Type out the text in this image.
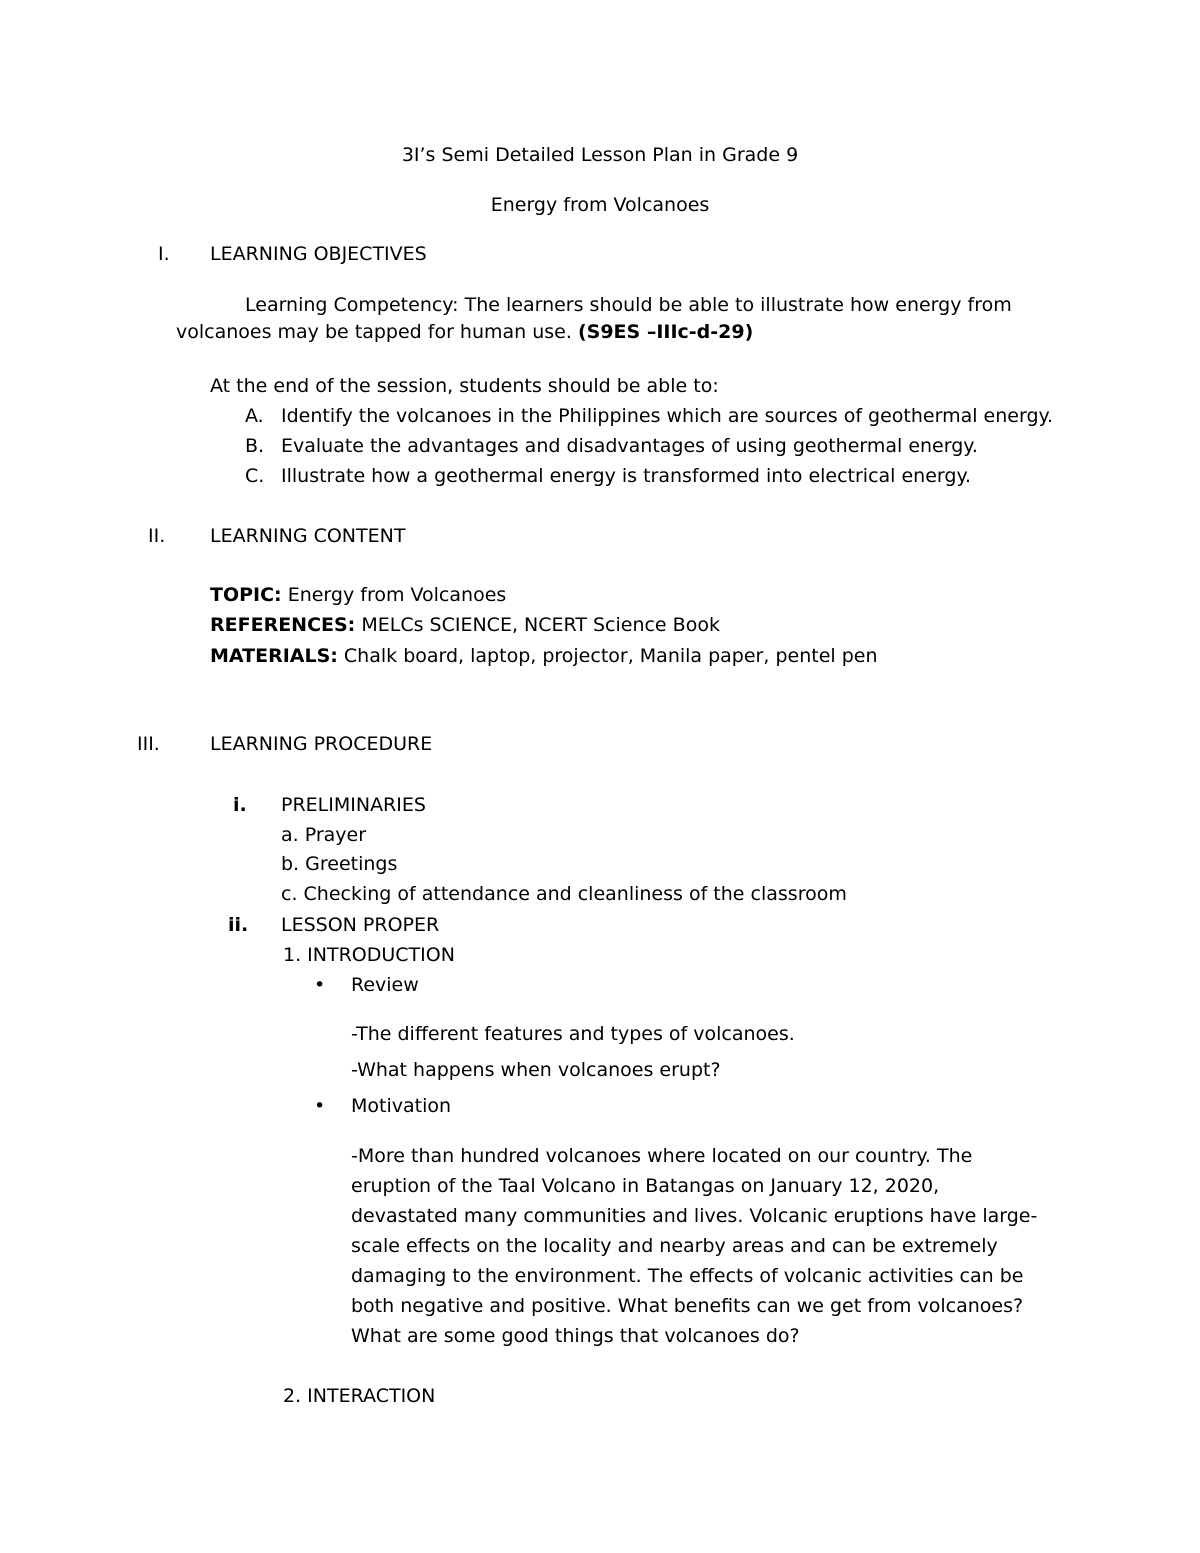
3I’s Semi Detailed Lesson Plan in Grade 9
Energy from Volcanoes
I. LEARNING OBJECTIVES
Learning Competency: The learners should be able to illustrate how energy from
volcanoes may be tapped for human use. (S9ES –IIIc-d-29)
At the end of the session, students should be able to:
A. Identify the volcanoes in the Philippines which are sources of geothermal energy.
B. Evaluate the advantages and disadvantages of using geothermal energy.
C. Illustrate how a geothermal energy is transformed into electrical energy.
II. LEARNING CONTENT
TOPIC: Energy from Volcanoes
REFERENCES: MELCs SCIENCE, NCERT Science Book
MATERIALS: Chalk board, laptop, projector, Manila paper, pentel pen
III.	LEARNING PROCEDURE
i. PRELIMINARIES
a. Prayer
b. Greetings
c. Checking of attendance and cleanliness of the classroom
ii. LESSON PROPER
1. INTRODUCTION
• Review
-The different features and types of volcanoes.
-What happens when volcanoes erupt?
• Motivation
-More than hundred volcanoes where located on our country. The
eruption of the Taal Volcano in Batangas on January 12, 2020,
devastated many communities and lives. Volcanic eruptions have large-
scale effects on the locality and nearby areas and can be extremely
damaging to the environment. The effects of volcanic activities can be
both negative and positive. What benefits can we get from volcanoes?
What are some good things that volcanoes do?
2. INTERACTION
